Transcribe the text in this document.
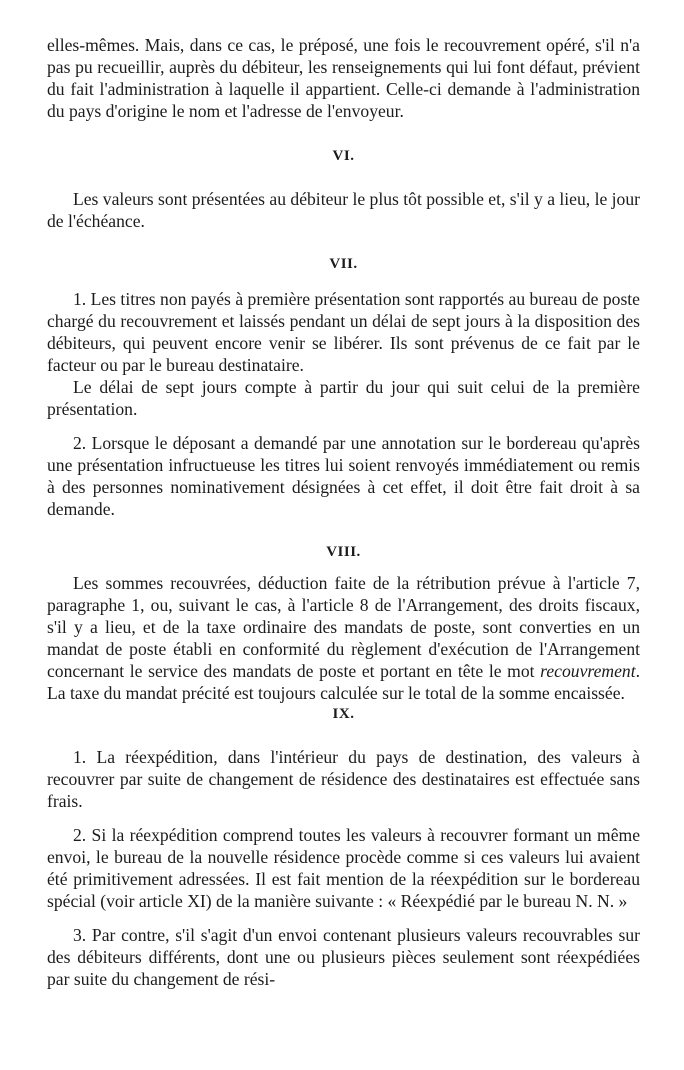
elles-mêmes. Mais, dans ce cas, le préposé, une fois le recouvrement opéré, s'il n'a pas pu recueillir, auprès du débiteur, les renseignements qui lui font défaut, prévient du fait l'administration à laquelle il appartient. Celle-ci demande à l'administration du pays d'origine le nom et l'adresse de l'envoyeur.

VI.

Les valeurs sont présentées au débiteur le plus tôt possible et, s'il y a lieu, le jour de l'échéance.

VII.

1. Les titres non payés à première présentation sont rapportés au bureau de poste chargé du recouvrement et laissés pendant un délai de sept jours à la disposition des débiteurs, qui peuvent encore venir se libérer. Ils sont prévenus de ce fait par le facteur ou par le bureau destinataire.

Le délai de sept jours compte à partir du jour qui suit celui de la première présentation.

2. Lorsque le déposant a demandé par une annotation sur le bordereau qu'après une présentation infructueuse les titres lui soient renvoyés immédiatement ou remis à des personnes nominativement désignées à cet effet, il doit être fait droit à sa demande.

VIII.

Les sommes recouvrées, déduction faite de la rétribution prévue à l'article 7, paragraphe 1, ou, suivant le cas, à l'article 8 de l'Arrangement, des droits fiscaux, s'il y a lieu, et de la taxe ordinaire des mandats de poste, sont converties en un mandat de poste établi en conformité du règlement d'exécution de l'Arrangement concernant le service des mandats de poste et portant en tête le mot recouvrement. La taxe du mandat précité est toujours calculée sur le total de la somme encaissée.

IX.

1. La réexpédition, dans l'intérieur du pays de destination, des valeurs à recouvrer par suite de changement de résidence des destinataires est effectuée sans frais.

2. Si la réexpédition comprend toutes les valeurs à recouvrer formant un même envoi, le bureau de la nouvelle résidence procède comme si ces valeurs lui avaient été primitivement adressées. Il est fait mention de la réexpédition sur le bordereau spécial (voir article XI) de la manière suivante : « Réexpédié par le bureau N. N. »

3. Par contre, s'il s'agit d'un envoi contenant plusieurs valeurs recouvrables sur des débiteurs différents, dont une ou plusieurs pièces seulement sont réexpédiées par suite du changement de rési-
